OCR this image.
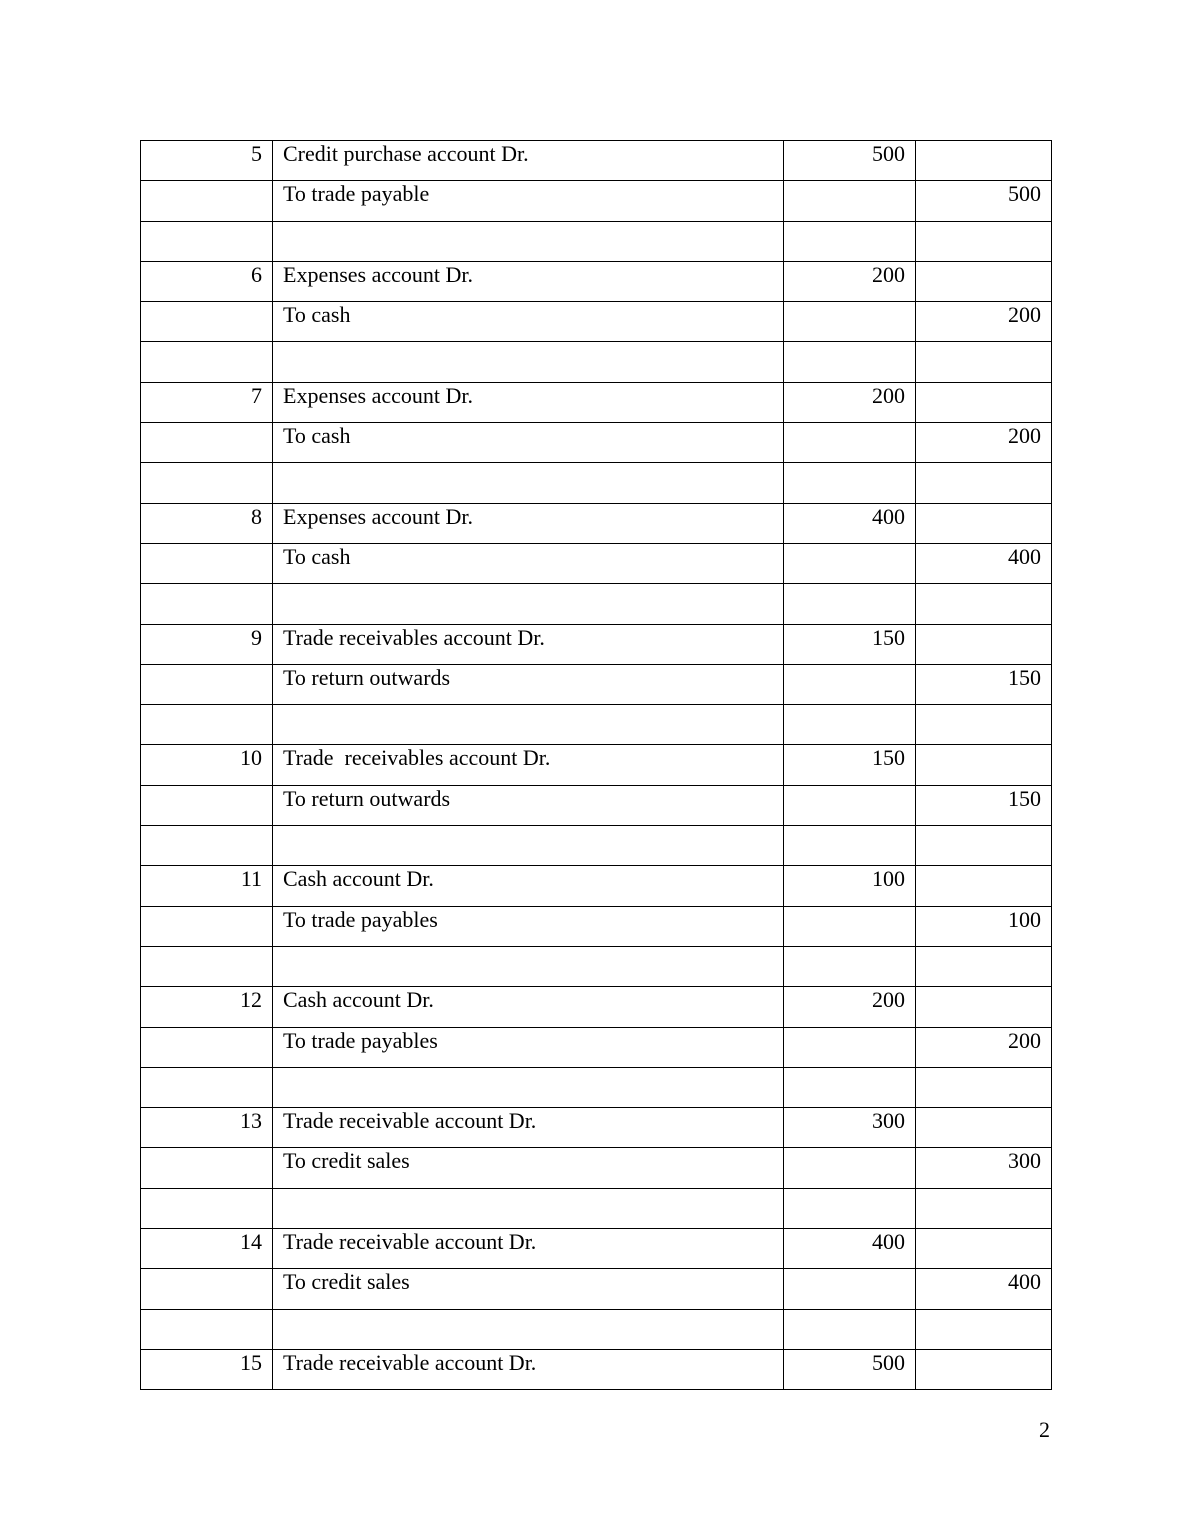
5	Credit purchase account Dr.	500	
	To trade payable		500

6	Expenses account Dr.	200	
	To cash		200

7	Expenses account Dr.	200	
	To cash		200

8	Expenses account Dr.	400	
	To cash		400

9	Trade receivables account Dr.	150	
	To return outwards		150

10	Trade  receivables account Dr.	150	
	To return outwards		150

11	Cash account Dr.	100	
	To trade payables		100

12	Cash account Dr.	200	
	To trade payables		200

13	Trade receivable account Dr.	300	
	To credit sales		300

14	Trade receivable account Dr.	400	
	To credit sales		400

15	Trade receivable account Dr.	500	
2
